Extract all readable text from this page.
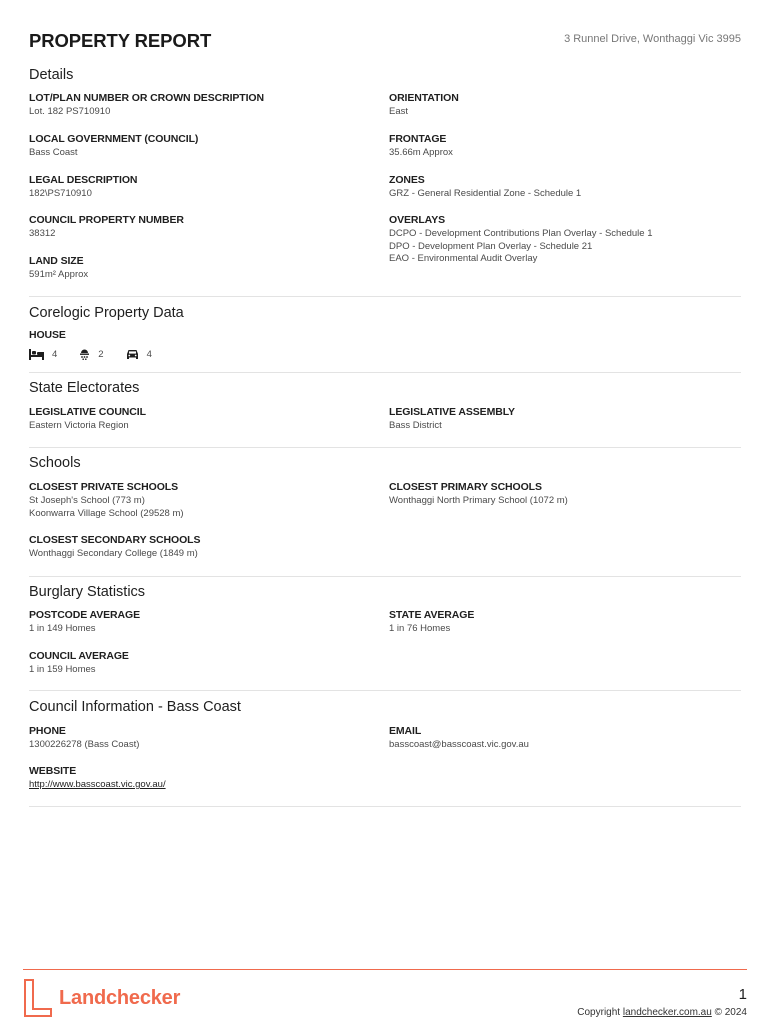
PROPERTY REPORT	3 Runnel Drive, Wonthaggi Vic 3995
Details
LOT/PLAN NUMBER OR CROWN DESCRIPTION
Lot. 182 PS710910
ORIENTATION
East
LOCAL GOVERNMENT (COUNCIL)
Bass Coast
FRONTAGE
35.66m Approx
LEGAL DESCRIPTION
182\PS710910
ZONES
GRZ - General Residential Zone - Schedule 1
COUNCIL PROPERTY NUMBER
38312
OVERLAYS
DCPO - Development Contributions Plan Overlay - Schedule 1
DPO - Development Plan Overlay - Schedule 21
EAO - Environmental Audit Overlay
LAND SIZE
591m² Approx
Corelogic Property Data
HOUSE
4	2	4
State Electorates
LEGISLATIVE COUNCIL
Eastern Victoria Region
LEGISLATIVE ASSEMBLY
Bass District
Schools
CLOSEST PRIVATE SCHOOLS
St Joseph's School (773 m)
Koonwarra Village School (29528 m)
CLOSEST PRIMARY SCHOOLS
Wonthaggi North Primary School (1072 m)
CLOSEST SECONDARY SCHOOLS
Wonthaggi Secondary College (1849 m)
Burglary Statistics
POSTCODE AVERAGE
1 in 149 Homes
STATE AVERAGE
1 in 76 Homes
COUNCIL AVERAGE
1 in 159 Homes
Council Information - Bass Coast
PHONE
1300226278 (Bass Coast)
EMAIL
basscoast@basscoast.vic.gov.au
WEBSITE
http://www.basscoast.vic.gov.au/
Landchecker	1
Copyright landchecker.com.au © 2024
